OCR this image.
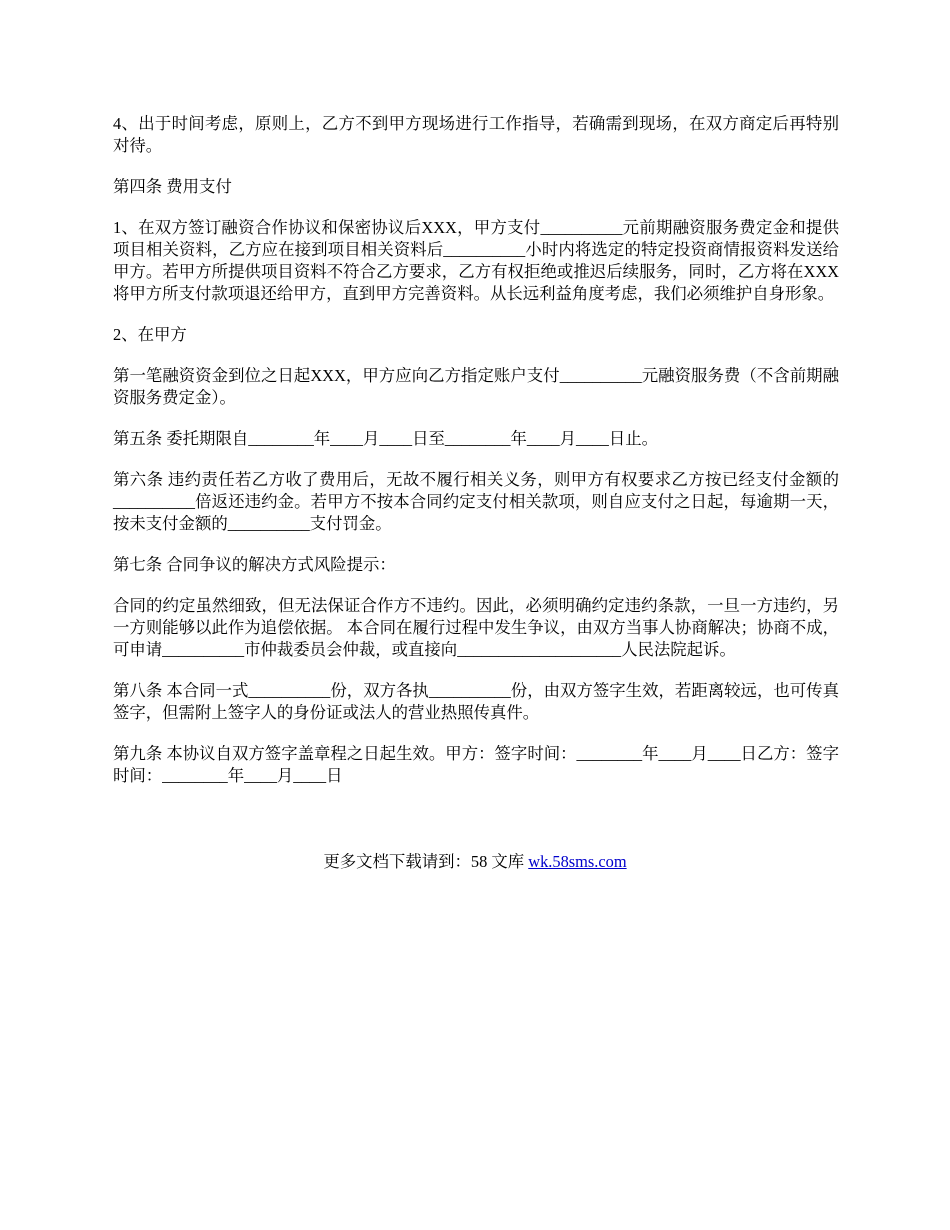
4、出于时间考虑，原则上，乙方不到甲方现场进行工作指导，若确需到现场，在双方商定后再特别对待。

第四条 费用支付

1、在双方签订融资合作协议和保密协议后XXX，甲方支付__________元前期融资服务费定金和提供项目相关资料，乙方应在接到项目相关资料后__________小时内将选定的特定投资商情报资料发送给甲方。若甲方所提供项目资料不符合乙方要求，乙方有权拒绝或推迟后续服务，同时，乙方将在XXX将甲方所支付款项退还给甲方，直到甲方完善资料。从长远利益角度考虑，我们必须维护自身形象。

2、在甲方

第一笔融资资金到位之日起XXX，甲方应向乙方指定账户支付__________元融资服务费（不含前期融资服务费定金）。

第五条 委托期限自________年____月____日至________年____月____日止。

第六条 违约责任若乙方收了费用后，无故不履行相关义务，则甲方有权要求乙方按已经支付金额的__________倍返还违约金。若甲方不按本合同约定支付相关款项，则自应支付之日起，每逾期一天，按未支付金额的__________支付罚金。

第七条 合同争议的解决方式风险提示：

合同的约定虽然细致，但无法保证合作方不违约。因此，必须明确约定违约条款，一旦一方违约，另一方则能够以此作为追偿依据。 本合同在履行过程中发生争议，由双方当事人协商解决；协商不成，可申请__________市仲裁委员会仲裁，或直接向____________________人民法院起诉。

第八条 本合同一式__________份，双方各执__________份，由双方签字生效，若距离较远，也可传真签字，但需附上签字人的身份证或法人的营业热照传真件。

第九条 本协议自双方签字盖章程之日起生效。甲方：签字时间：________年____月____日乙方：签字时间：________年____月____日

更多文档下载请到：58 文库 wk.58sms.com
